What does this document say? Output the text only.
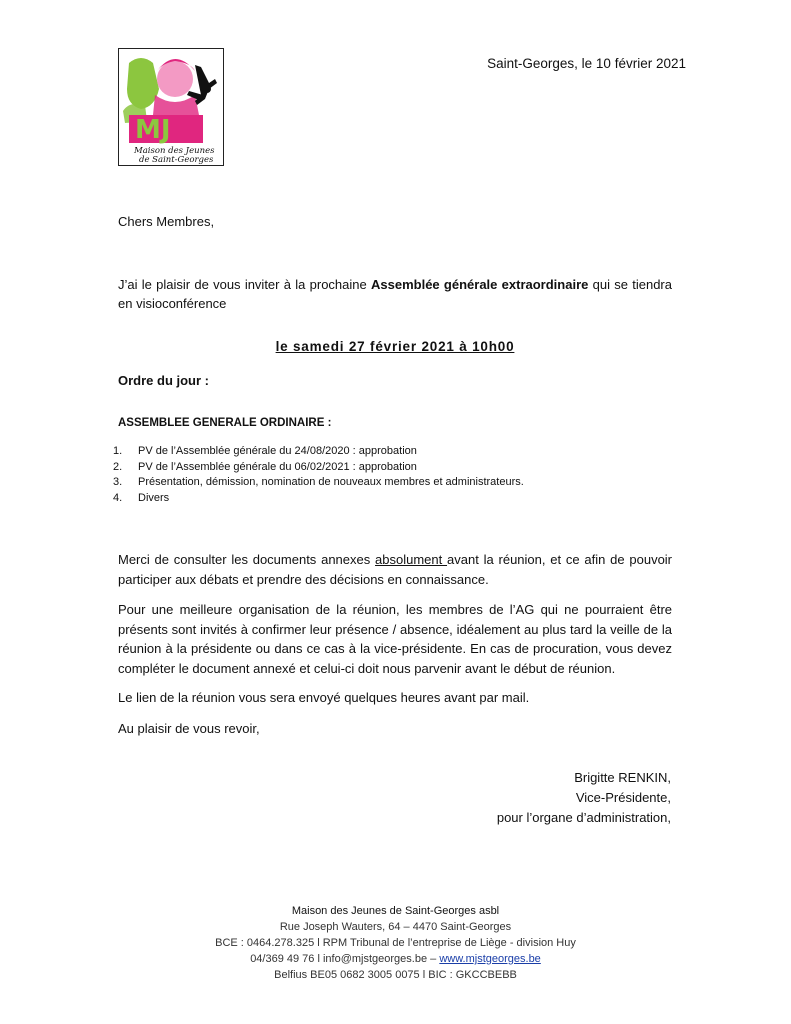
MJ
Maison des Jeunes
de Saint-Georges
Saint-Georges, le 10 février 2021
Chers Membres,
J’ai le plaisir de vous inviter à la prochaine Assemblée générale extraordinaire qui se tiendra en visioconférence
le samedi 27 février 2021 à 10h00
Ordre du jour :
ASSEMBLEE GENERALE ORDINAIRE :
1. PV de l’Assemblée générale du 24/08/2020 : approbation
2. PV de l’Assemblée générale du 06/02/2021 : approbation
3. Présentation, démission, nomination de nouveaux membres et administrateurs.
4. Divers
Merci de consulter les documents annexes absolument avant la réunion, et ce afin de pouvoir participer aux débats et prendre des décisions en connaissance.
Pour une meilleure organisation de la réunion, les membres de l’AG qui ne pourraient être présents sont invités à confirmer leur présence / absence, idéalement au plus tard la veille de la réunion à la présidente ou dans ce cas à la vice-présidente. En cas de procuration, vous devez compléter le document annexé et celui-ci doit nous parvenir avant le début de réunion.
Le lien de la réunion vous sera envoyé quelques heures avant par mail.
Au plaisir de vous revoir,
Brigitte RENKIN,
Vice-Présidente,
pour l’organe d’administration,
Maison des Jeunes de Saint-Georges asbl
Rue Joseph Wauters, 64 – 4470 Saint-Georges
BCE : 0464.278.325 l RPM Tribunal de l’entreprise de Liège - division Huy
04/369 49 76 l info@mjstgeorges.be – www.mjstgeorges.be
Belfius BE05 0682 3005 0075 l BIC : GKCCBEBB
